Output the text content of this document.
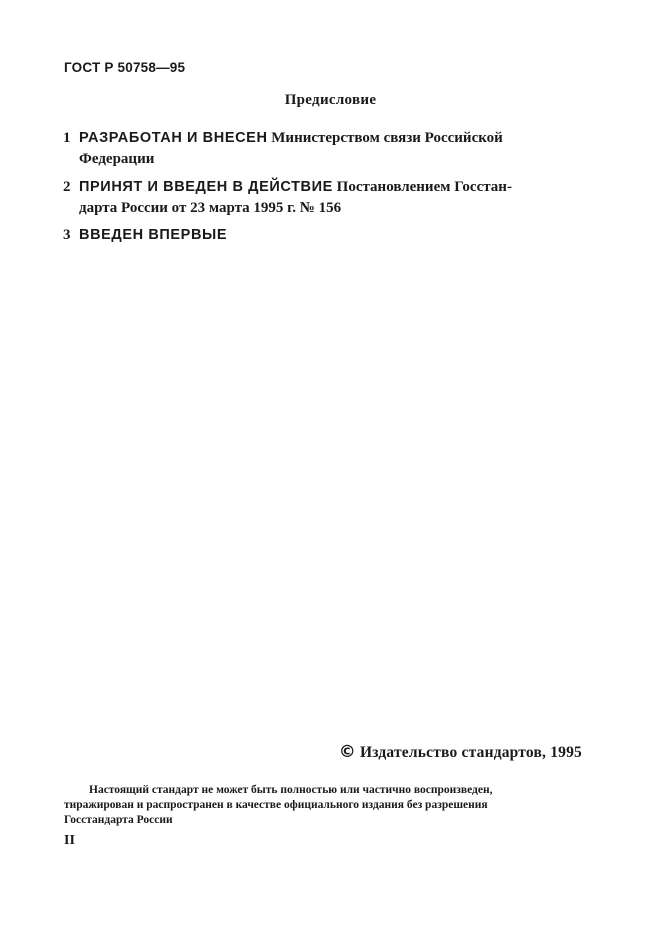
ГОСТ Р 50758—95
Предисловие
1 РАЗРАБОТАН И ВНЕСЕН Министерством связи Российской
Федерации
2 ПРИНЯТ И ВВЕДЕН В ДЕЙСТВИЕ Постановлением Госстан-
дарта России от 23 марта 1995 г. № 156
3 ВВЕДЕН ВПЕРВЫЕ
© Издательство стандартов, 1995
Настоящий стандарт не может быть полностью или частично воспроизведен,
тиражирован и распространен в качестве официального издания без разрешения
Госстандарта России
II
